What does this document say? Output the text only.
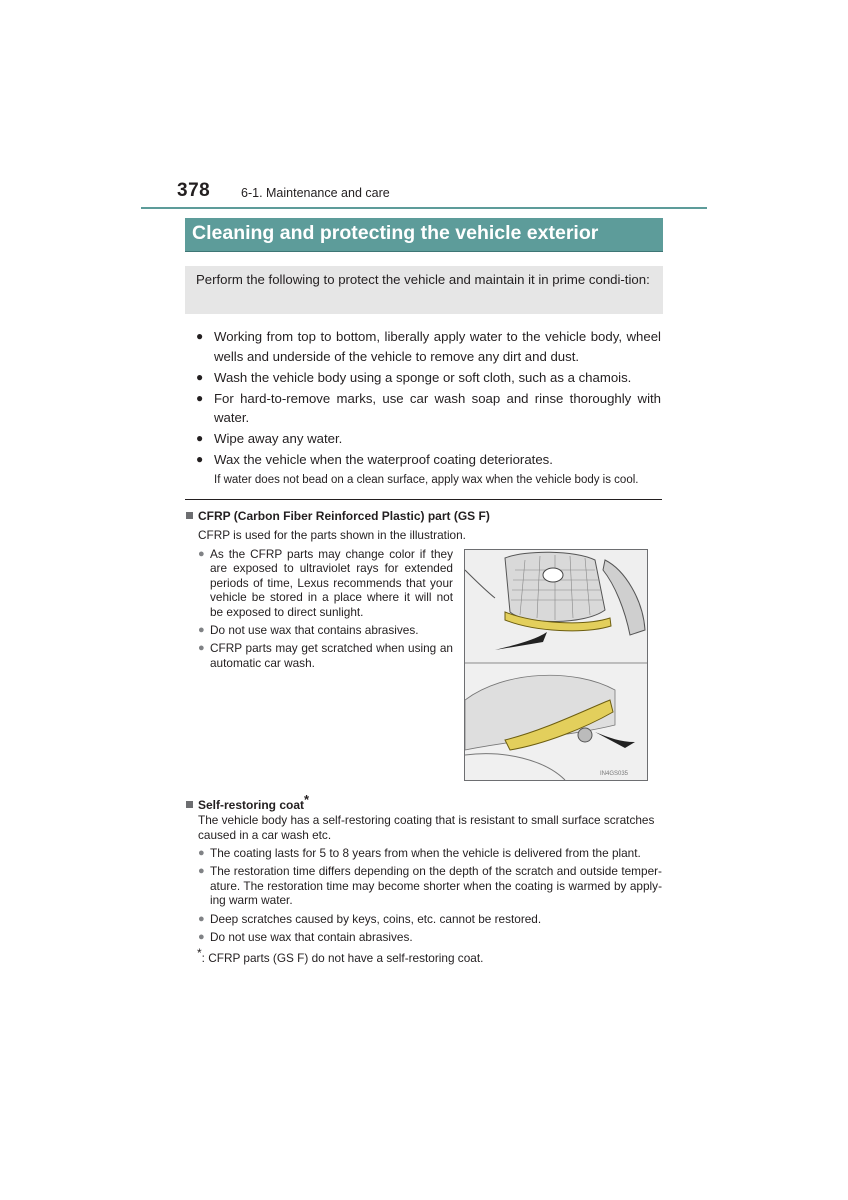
378 6-1. Maintenance and care
Cleaning and protecting the vehicle exterior
Perform the following to protect the vehicle and maintain it in prime condi-tion:
● Working from top to bottom, liberally apply water to the vehicle body, wheel wells and underside of the vehicle to remove any dirt and dust.
● Wash the vehicle body using a sponge or soft cloth, such as a chamois.
● For hard-to-remove marks, use car wash soap and rinse thoroughly with water.
● Wipe away any water.
● Wax the vehicle when the waterproof coating deteriorates.
If water does not bead on a clean surface, apply wax when the vehicle body is cool.
CFRP (Carbon Fiber Reinforced Plastic) part (GS F)
CFRP is used for the parts shown in the illustration.
● As the CFRP parts may change color if they are exposed to ultraviolet rays for extended periods of time, Lexus recommends that your vehicle be stored in a place where it will not be exposed to direct sunlight.
● Do not use wax that contains abrasives.
● CFRP parts may get scratched when using an automatic car wash.
IN4GS035
Self-restoring coat*
The vehicle body has a self-restoring coating that is resistant to small surface scratches caused in a car wash etc.
● The coating lasts for 5 to 8 years from when the vehicle is delivered from the plant.
● The restoration time differs depending on the depth of the scratch and outside temper-ature. The restoration time may become shorter when the coating is warmed by apply-ing warm water.
● Deep scratches caused by keys, coins, etc. cannot be restored.
● Do not use wax that contain abrasives.
*: CFRP parts (GS F) do not have a self-restoring coat.
